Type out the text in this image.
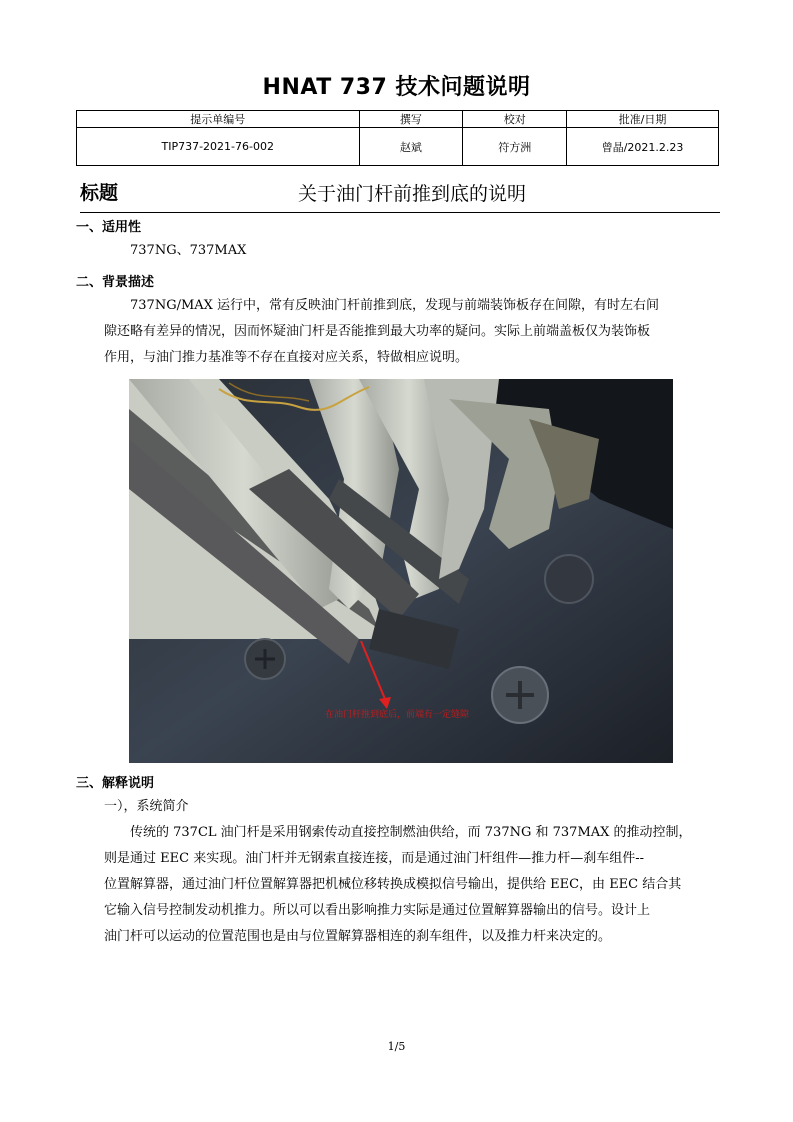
HNAT 737 技术问题说明
提示单编号	撰写	校对	批准/日期
TIP737-2021-76-002	赵斌	符方洲	曾晶/2021.2.23
标题	关于油门杆前推到底的说明
一、适用性
737NG、737MAX
二、背景描述
737NG/MAX 运行中，常有反映油门杆前推到底，发现与前端装饰板存在间隙，有时左右间
隙还略有差异的情况，因而怀疑油门杆是否能推到最大功率的疑问。实际上前端盖板仅为装饰板
作用，与油门推力基准等不存在直接对应关系，特做相应说明。
在油门杆推到底后，前端有一定缝隙
三、解释说明
一），系统简介
传统的 737CL 油门杆是采用钢索传动直接控制燃油供给，而 737NG 和 737MAX 的推动控制，
则是通过 EEC 来实现。油门杆并无钢索直接连接，而是通过油门杆组件—推力杆—刹车组件--
位置解算器，通过油门杆位置解算器把机械位移转换成模拟信号输出，提供给 EEC，由 EEC 结合其
它输入信号控制发动机推力。所以可以看出影响推力实际是通过位置解算器输出的信号。设计上
油门杆可以运动的位置范围也是由与位置解算器相连的刹车组件，以及推力杆来决定的。
1/5
